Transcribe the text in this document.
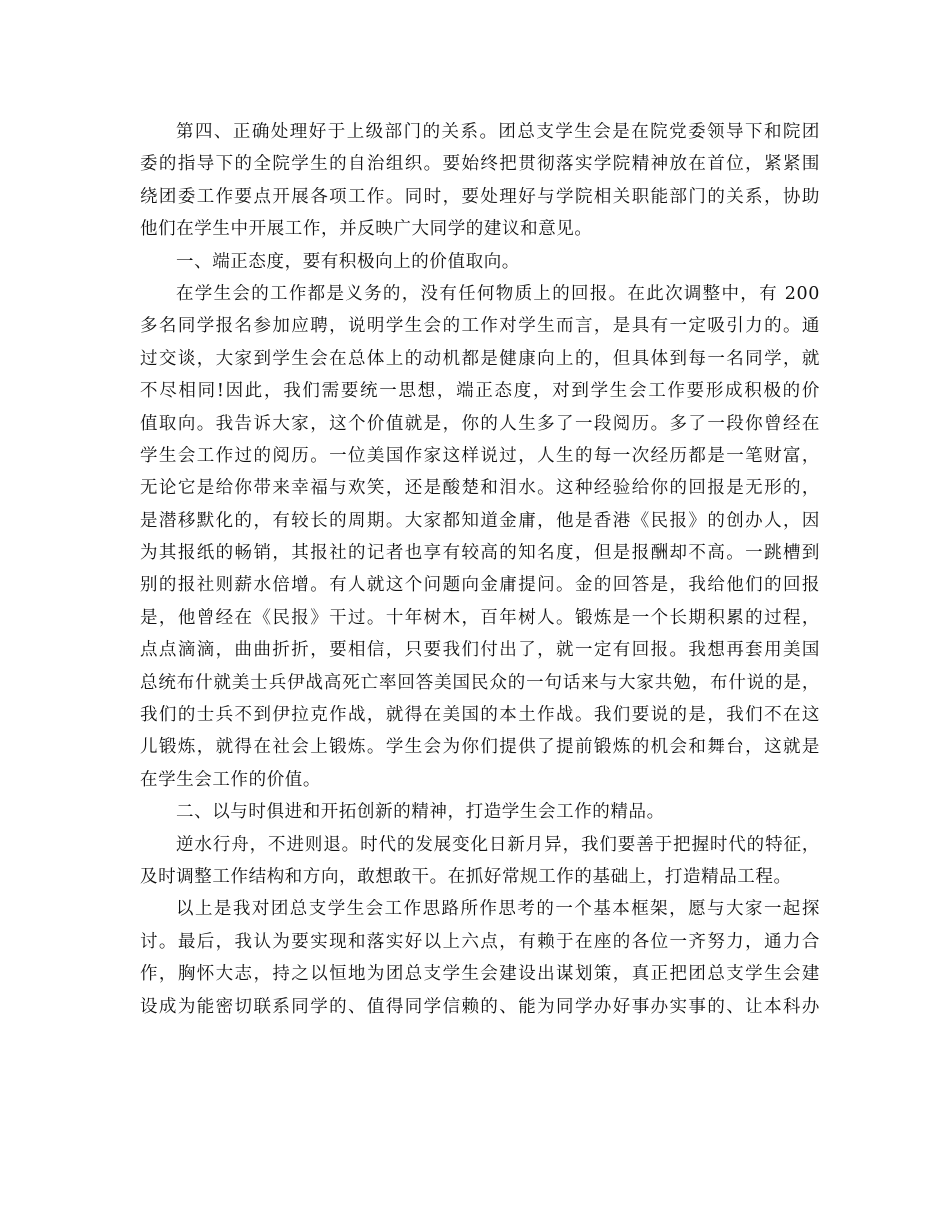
第四、正确处理好于上级部门的关系。团总支学生会是在院党委领导下和院团
委的指导下的全院学生的自治组织。要始终把贯彻落实学院精神放在首位，紧紧围
绕团委工作要点开展各项工作。同时，要处理好与学院相关职能部门的关系，协助
他们在学生中开展工作，并反映广大同学的建议和意见。
一、端正态度，要有积极向上的价值取向。
在学生会的工作都是义务的，没有任何物质上的回报。在此次调整中，有 200
多名同学报名参加应聘，说明学生会的工作对学生而言，是具有一定吸引力的。通
过交谈，大家到学生会在总体上的动机都是健康向上的，但具体到每一名同学，就
不尽相同!因此，我们需要统一思想，端正态度，对到学生会工作要形成积极的价
值取向。我告诉大家，这个价值就是，你的人生多了一段阅历。多了一段你曾经在
学生会工作过的阅历。一位美国作家这样说过，人生的每一次经历都是一笔财富，
无论它是给你带来幸福与欢笑，还是酸楚和泪水。这种经验给你的回报是无形的，
是潜移默化的，有较长的周期。大家都知道金庸，他是香港《民报》的创办人，因
为其报纸的畅销，其报社的记者也享有较高的知名度，但是报酬却不高。一跳槽到
别的报社则薪水倍增。有人就这个问题向金庸提问。金的回答是，我给他们的回报
是，他曾经在《民报》干过。十年树木，百年树人。锻炼是一个长期积累的过程，
点点滴滴，曲曲折折，要相信，只要我们付出了，就一定有回报。我想再套用美国
总统布什就美士兵伊战高死亡率回答美国民众的一句话来与大家共勉，布什说的是，
我们的士兵不到伊拉克作战，就得在美国的本土作战。我们要说的是，我们不在这
儿锻炼，就得在社会上锻炼。学生会为你们提供了提前锻炼的机会和舞台，这就是
在学生会工作的价值。
二、以与时俱进和开拓创新的精神，打造学生会工作的精品。
逆水行舟，不进则退。时代的发展变化日新月异，我们要善于把握时代的特征，
及时调整工作结构和方向，敢想敢干。在抓好常规工作的基础上，打造精品工程。
以上是我对团总支学生会工作思路所作思考的一个基本框架，愿与大家一起探
讨。最后，我认为要实现和落实好以上六点，有赖于在座的各位一齐努力，通力合
作，胸怀大志，持之以恒地为团总支学生会建设出谋划策，真正把团总支学生会建
设成为能密切联系同学的、值得同学信赖的、能为同学办好事办实事的、让本科办
